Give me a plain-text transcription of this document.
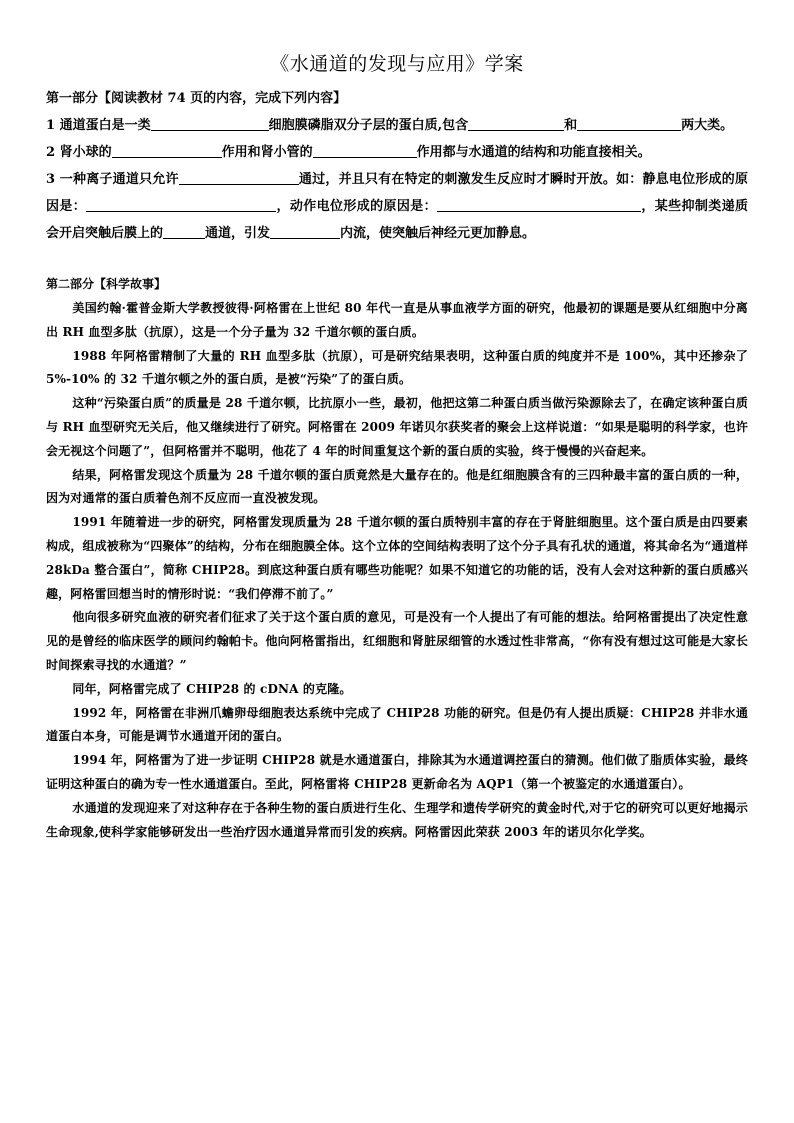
《水通道的发现与应用》学案
第一部分【阅读教材 74 页的内容，完成下列内容】
1 通道蛋白是一类	细胞膜磷脂双分子层的蛋白质,包含	和	两大类。
2 肾小球的	作用和肾小管的	作用都与水通道的结构和功能直接相关。
3 一种离子通道只允许	通过，并且只有在特定的刺激发生反应时才瞬时开放。如：静息电位形成的原因是：	，动作电位形成的原因是：	，某些抑制类递质会开启突触后膜上的	通道，引发	内流，使突触后神经元更加静息。
第二部分【科学故事】

美国约翰·霍普金斯大学教授彼得·阿格雷在上世纪 80 年代一直是从事血液学方面的研究，他最初的课题是要从红细胞中分离出 RH 血型多肽（抗原），这是一个分子量为 32 千道尔顿的蛋白质。

1988 年阿格雷精制了大量的 RH 血型多肽（抗原），可是研究结果表明，这种蛋白质的纯度并不是 100%，其中还掺杂了 5%-10% 的 32 千道尔顿之外的蛋白质，是被“污染”了的蛋白质。

这种“污染蛋白质”的质量是 28 千道尔顿，比抗原小一些，最初，他把这第二种蛋白质当做污染源除去了，在确定该种蛋白质与 RH 血型研究无关后，他又继续进行了研究。阿格雷在 2009 年诺贝尔获奖者的聚会上这样说道：“如果是聪明的科学家，也许会无视这个问题了”，但阿格雷并不聪明，他花了 4 年的时间重复这个新的蛋白质的实验，终于慢慢的兴奋起来。

结果，阿格雷发现这个质量为 28 千道尔顿的蛋白质竟然是大量存在的。他是红细胞膜含有的三四种最丰富的蛋白质的一种，因为对通常的蛋白质着色剂不反应而一直没被发现。

1991 年随着进一步的研究，阿格雷发现质量为 28 千道尔顿的蛋白质特别丰富的存在于肾脏细胞里。这个蛋白质是由四要素构成，组成被称为“四聚体”的结构，分布在细胞膜全体。这个立体的空间结构表明了这个分子具有孔状的通道，将其命名为“通道样 28kDa 整合蛋白”，简称 CHIP28。到底这种蛋白质有哪些功能呢？如果不知道它的功能的话，没有人会对这种新的蛋白质感兴趣，阿格雷回想当时的情形时说：“我们停滞不前了。”

他向很多研究血液的研究者们征求了关于这个蛋白质的意见，可是没有一个人提出了有可能的想法。给阿格雷提出了决定性意见的是曾经的临床医学的顾问约翰帕卡。他向阿格雷指出，红细胞和肾脏尿细管的水透过性非常高，“你有没有想过这可能是大家长时间探索寻找的水通道？”

同年，阿格雷完成了 CHIP28 的 cDNA 的克隆。

1992 年，阿格雷在非洲爪蟾卵母细胞表达系统中完成了 CHIP28 功能的研究。但是仍有人提出质疑：CHIP28 并非水通道蛋白本身，可能是调节水通道开闭的蛋白。

1994 年，阿格雷为了进一步证明 CHIP28 就是水通道蛋白，排除其为水通道调控蛋白的猜测。他们做了脂质体实验，最终证明这种蛋白的确为专一性水通道蛋白。至此，阿格雷将 CHIP28 更新命名为 AQP1（第一个被鉴定的水通道蛋白）。

水通道的发现迎来了对这种存在于各种生物的蛋白质进行生化、生理学和遗传学研究的黄金时代,对于它的研究可以更好地揭示生命现象,使科学家能够研发出一些治疗因水通道异常而引发的疾病。阿格雷因此荣获 2003 年的诺贝尔化学奖。
